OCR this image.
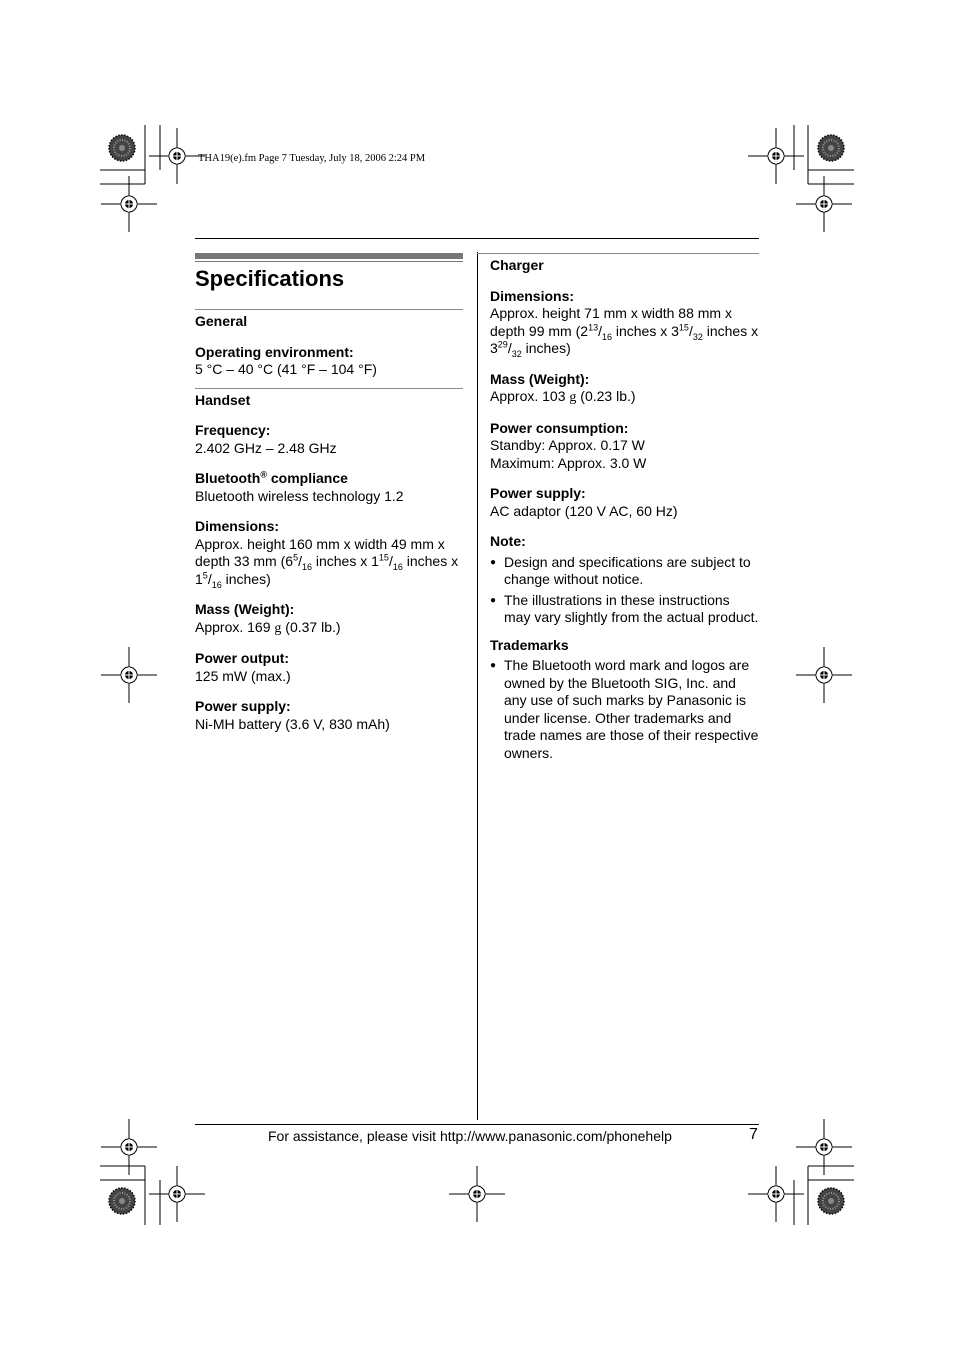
THA19(e).fm Page 7 Tuesday, July 18, 2006 2:24 PM
Specifications

General

Operating environment:

5 °C – 40 °C (41 °F – 104 °F)

Handset

Frequency:

2.402 GHz – 2.48 GHz

Bluetooth® compliance

Bluetooth wireless technology 1.2

Dimensions:

Approx. height 160 mm x width 49 mm x depth 33 mm ($6^5/_{16}$ inches x $1^{15}/_{16}$ inches x $1^5/_{16}$ inches)

Mass (Weight):

Approx. 169 g (0.37 lb.)

Power output:

125 mW (max.)

Power supply:

Ni-MH battery (3.6 V, 830 mAh)

Charger

Dimensions:

Approx. height 71 mm x width 88 mm x depth 99 mm ($2^{13}/_{16}$ inches x $3^{15}/_{32}$ inches x $3^{29}/_{32}$ inches)

Mass (Weight):

Approx. 103 g (0.23 lb.)

Power consumption:

Standby: Approx. 0.17 W

Maximum: Approx. 3.0 W

Power supply:

AC adaptor (120 V AC, 60 Hz)

Note:

● Design and specifications are subject to change without notice.
● The illustrations in these instructions may vary slightly from the actual product.

Trademarks

● The Bluetooth word mark and logos are owned by the Bluetooth SIG, Inc. and any use of such marks by Panasonic is under license. Other trademarks and trade names are those of their respective owners.
For assistance, please visit http://www.panasonic.com/phonehelp	7
